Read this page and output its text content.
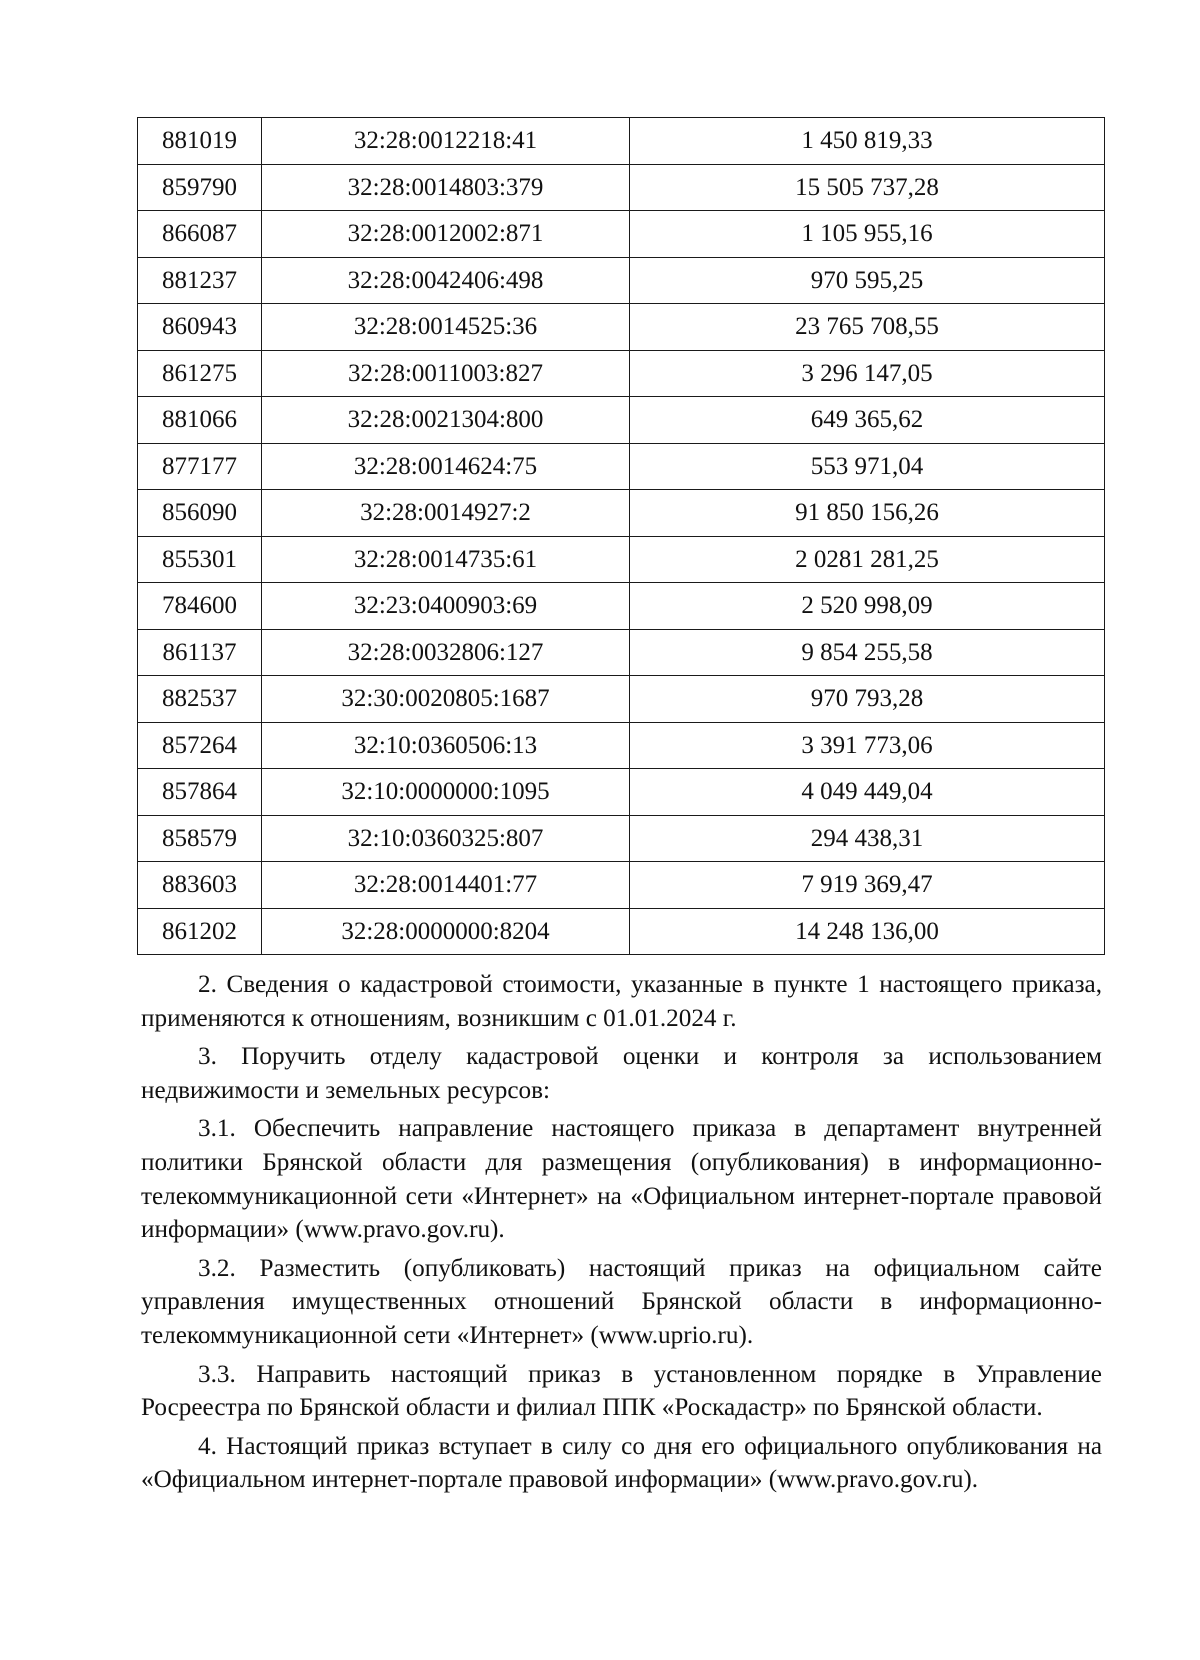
881019	32:28:0012218:41	1 450 819,33
859790	32:28:0014803:379	15 505 737,28
866087	32:28:0012002:871	1 105 955,16
881237	32:28:0042406:498	970 595,25
860943	32:28:0014525:36	23 765 708,55
861275	32:28:0011003:827	3 296 147,05
881066	32:28:0021304:800	649 365,62
877177	32:28:0014624:75	553 971,04
856090	32:28:0014927:2	91 850 156,26
855301	32:28:0014735:61	2 0281 281,25
784600	32:23:0400903:69	2 520 998,09
861137	32:28:0032806:127	9 854 255,58
882537	32:30:0020805:1687	970 793,28
857264	32:10:0360506:13	3 391 773,06
857864	32:10:0000000:1095	4 049 449,04
858579	32:10:0360325:807	294 438,31
883603	32:28:0014401:77	7 919 369,47
861202	32:28:0000000:8204	14 248 136,00

2. Сведения о кадастровой стоимости, указанные в пункте 1 настоящего приказа, применяются к отношениям, возникшим с 01.01.2024 г.

3. Поручить отделу кадастровой оценки и контроля за использованием недвижимости и земельных ресурсов:

3.1. Обеспечить направление настоящего приказа в департамент внутренней политики Брянской области для размещения (опубликования) в информационно-телекоммуникационной сети «Интернет» на «Официальном интернет-портале правовой информации» (www.pravo.gov.ru).

3.2. Разместить (опубликовать) настоящий приказ на официальном сайте управления имущественных отношений Брянской области в информационно-телекоммуникационной сети «Интернет» (www.uprio.ru).

3.3. Направить настоящий приказ в установленном порядке в Управление Росреестра по Брянской области и филиал ППК «Роскадастр» по Брянской области.

4. Настоящий приказ вступает в силу со дня его официального опубликования на «Официальном интернет-портале правовой информации» (www.pravo.gov.ru).
